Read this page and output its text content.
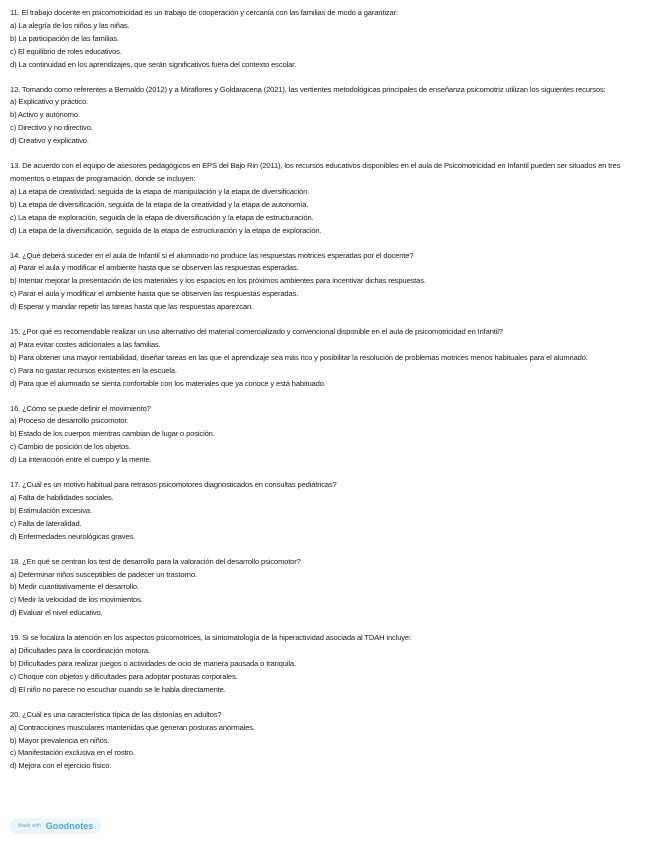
11. El trabajo docente en psicomotricidad es un trabajo de cooperación y cercanía con las familias de modo a garantizar:

a) La alegría de los niños y las niñas.

b) La participación de las familias.

c) El equilibrio de roles educativos.

d) La continuidad en los aprendizajes, que serán significativos fuera del contexto escolar.

12. Tomando como referentes a Bernaldo (2012) y a Miraflores y Goldaracena (2021), las vertientes metodológicas principales de enseñanza psicomotriz utilizan los siguientes recursos:

a) Explicativo y práctico.

b) Activo y autónomo.

c) Directivo y no directivo.

d) Creativo y explicativo.

13. De acuerdo con el equipo de asesores pedagógicos en EPS del Bajo Rin (2011), los recursos educativos disponibles en el aula de Psicomotricidad en Infantil pueden ser situados en tres momentos o etapas de programación, donde se incluyen:

a) La etapa de creatividad, seguida de la etapa de manipulación y la etapa de diversificación.

b) La etapa de diversificación, seguida de la etapa de la creatividad y la etapa de autonomía.

c) La etapa de exploración, seguida de la etapa de diversificación y la etapa de estructuración.

d) La etapa de la diversificación, seguida de la etapa de estructuración y la etapa de exploración.

14. ¿Qué deberá suceder en el aula de Infantil si el alumnado no produce las respuestas motrices esperadas por el docente?

a) Parar el aula y modificar el ambiente hasta que se observen las respuestas esperadas.

b) Intentar mejorar la presentación de los materiales y los espacios en los próximos ambientes para incentivar dichas respuestas.

c) Parar el aula y modificar el ambiente hasta que se observen las respuestas esperadas.

d) Esperar y mandar repetir las tareas hasta que las respuestas aparezcan.

15. ¿Por qué es recomendable realizar un uso alternativo del material comercializado y convencional disponible en el aula de psicomotricidad en Infantil?

a) Para evitar costes adicionales a las familias.

b) Para obtener una mayor rentabilidad, diseñar tareas en las que el aprendizaje sea más rico y posibilitar la resolución de problemas motrices menos habituales para el alumnado.

c) Para no gastar recursos existentes en la escuela.

d) Para que el alumnado se sienta confortable con los materiales que ya conoce y está habituado.

16. ¿Cómo se puede definir el movimiento?

a) Proceso de desarrollo psicomotor.

b) Estado de los cuerpos mientras cambian de lugar o posición.

c) Cambio de posición de los objetos.

d) La interacción entre el cuerpo y la mente.

17. ¿Cuál es un motivo habitual para retrasos psicomotores diagnosticados en consultas pediátricas?

a) Falta de habilidades sociales.

b) Estimulación excesiva.

c) Falta de lateralidad.

d) Enfermedades neurológicas graves.

18. ¿En qué se centran los test de desarrollo para la valoración del desarrollo psicomotor?

a) Determinar niños susceptibles de padecer un trastorno.

b) Medir cuantitativamente el desarrollo.

c) Medir la velocidad de los movimientos.

d) Evaluar el nivel educativo.

19. Si se focaliza la atención en los aspectos psicomotrices, la sintomatología de la hiperactividad asociada al TDAH incluye:

a) Dificultades para la coordinación motora.

b) Dificultades para realizar juegos o actividades de ocio de manera pausada o tranquila.

c) Choque con objetos y dificultades para adoptar posturas corporales.

d) El niño no parece no escuchar cuando se le habla directamente.

20. ¿Cuál es una característica típica de las distonías en adultos?

a) Contracciones musculares mantenidas que generan posturas anormales.

b) Mayor prevalencia en niños.

c) Manifestación exclusiva en el rostro.

d) Mejora con el ejercicio físico.

Made with Goodnotes
